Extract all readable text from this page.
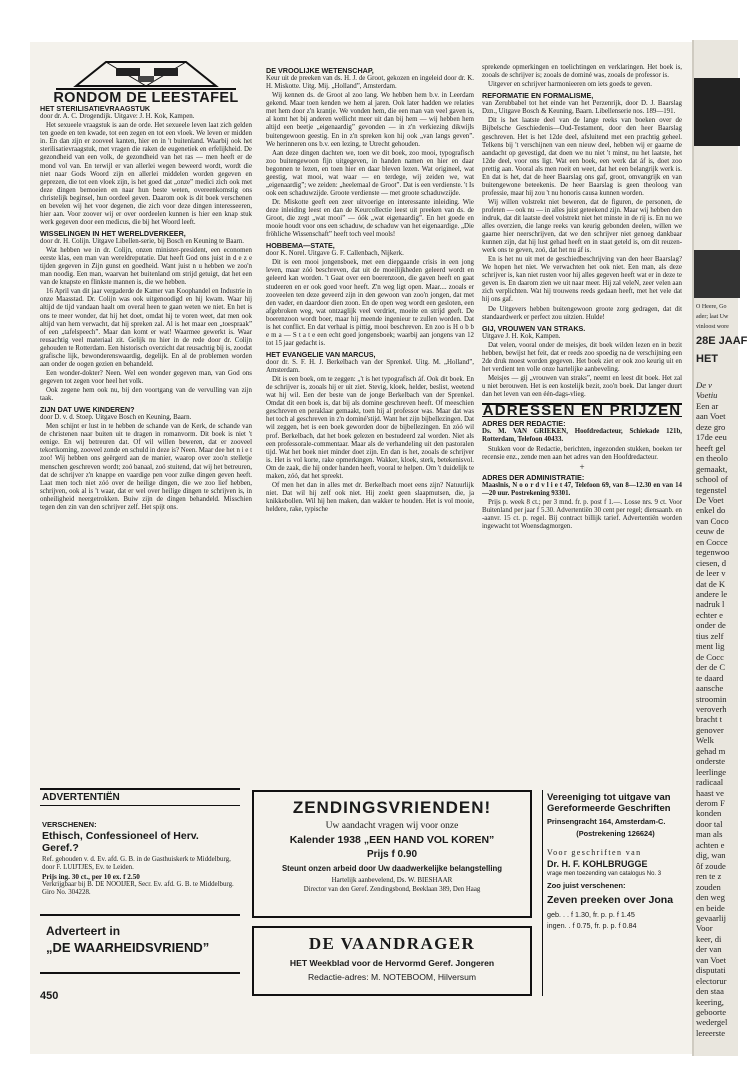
RONDOM DE LEESTAFEL
HET STERILISATIEVRAAGSTUK

door dr. A. C. Drogendijk. Uitgave: J. H. Kok, Kampen.

Het sexueele vraagstuk is aan de orde. Het sexueele leven laat zich gelden ten goede en ten kwade, tot een zegen en tot een vloek. We leven er midden in. En dan zijn er zooveel kanten, hier en in 't buitenland. Waarbij ook het sterilisatievraagstuk, met vragen die raken de eugenetiek en erfelijkheid. De gezondheid van een volk, de gezondheid van het ras — men heeft er de mond vol van. En terwijl er van allerlei wegen beweerd wordt, wordt die niet naar Gods Woord zijn en allerlei middelen worden gegeven en geprezen, die tot een vloek zijn, is het goed dat „onze” medici zich ook met deze dingen bemoeien en naar hun beste weten, overeenkomstig ons christelijk beginsel, hun oordeel geven. Daarom ook is dit boek verschenen en bevelen wij het voor degenen, die zich voor deze dingen interesseeren, hier aan. Voor zoover wij er over oordeelen kunnen is hier een knap stuk werk gegeven door een medicus, die bij het Woord leeft.

WISSELINGEN IN HET WERELDVERKEER,

door dr. H. Colijn. Uitgave Libellen-serie, bij Bosch en Keuning te Baarn.

Wat hebben we in dr. Colijn, onzen minister-president, een economen eerste klas, een man van wereldreputatie. Dat heeft God ons juist in d e z e tijden gegeven in Zijn gunst en goedheid. Want juist n u hebben we zoo'n man noodig. Een man, waarvan het buitenland om strijd getuigt, dat het een van de knapste en flinkste mannen is, die we hebben.

16 April van dit jaar vergaderde de Kamer van Koophandel en Industrie in onze Maasstad. Dr. Colijn was ook uitgenoodigd en hij kwam. Waar hij altijd de tijd vandaan haalt om overal heen te gaan weten we niet. En het is ons te meer wonder, dat hij het doet, omdat hij te voren weet, dat men ook altijd van hem verwacht, dat hij spreken zal. Al is het maar een „toespraak” of een „tafelspeech”. Maar dan komt er wat! Waarmee gewerkt is. Waar reusachtig veel materiaal zit. Gelijk nu hier in de rede door dr. Colijn gehouden te Rotterdam. Een historisch overzicht dat reusachtig bij is, zoodat grafische lijk, bewonderenswaardig, degelijk. En al de problemen worden aan onder de oogen gezien en behandeld.

Een wonder-dokter? Neen. Wel een wonder gegeven man, van God ons gegeven tot zegen voor heel het volk.

Ook zegene hem ook nu, bij den voortgang van de vervulling van zijn taak.

ZIJN DAT UWE KINDEREN?

door D. v. d. Stoep. Uitgave Bosch en Keuning, Baarn.

Men schijnt er lust in te hebben de schande van de Kerk, de schande van de christenen naar buiten uit te dragen in romanvorm. Dit boek is niet 't eenige. En wij betreuren dat. Of wil willen beweren, dat er zooveel tekortkoming, zooveel zonde en schuld in deze is? Neen. Maar dee het n i e t zoo! Wij hebben ons geërgerd aan de manier, waarop over zoo'n stelletje menschen geschreven wordt; zoó banaal, zoó stuitend, dat wij het betreuren, dat de schrijver z'n knappe en vaardige pen voor zulke dingen geven heeft. Laat men toch niet zóó over de heilige dingen, die we zoo lief hebben, schrijven, ook al is 't waar, dat er wel over heilige dingen te schrijven is, in onheiligheid neergetrokken. Buiw zijn de dingen behandeld. Misschien tegen den zin van den schrijver zelf. Het spijt ons.

DE VROOLIJKE WETENSCHAP,

Keur uit de preeken van ds. H. J. de Groot, gekozen en ingeleid door dr. K. H. Miskotte. Uitg. Mij. „Holland”, Amsterdam.

Wij kennen ds. de Groot al zoo lang. We hebben hem b.v. in Leerdam gekend. Maar toen kenden we hem al jaren. Ook later hadden we relaties met hem door z'n krantje. We vonden hem, die een man van veel gaven is, al komt het bij anderen wellicht meer uit dan bij hem — wij hebben hem altijd een beetje „eigenaardig” gevonden — in z'n verkiezing dikwijls buitengewoon geestig. En in z'n spreken kon hij ook „van langs geven”. We herinneren ons b.v. een lezing, te Utrecht gehouden.

Aan deze dingen dachten we, toen we dit boek, zoo mooi, typografisch zoo buitengewoon fijn uitgegeven, in handen namen en hier en daar begonnen te lezen, en toen hier en daar bleven lezen. Wat origineel, wat geestig, wat mooi, wat waar — en terdege, wij zeiden we, wat „eigenaardig”; we zeiden: „heelemaal de Groot”. Dat is een verdienste. 't Is ook een schaduwzijde. Groote verdienste — met groote schaduwzijde.

Dr. Miskotte geeft een zeer uitvoerige en interessante inleiding. Wie deze inleiding leest en dan de Keurcollectie leest uit preeken van ds. de Groot, die zegt „wat mooi” — óók „wat eigenaardig”. En het goede en mooie houdt voor ons een schaduw, de schaduw van het eigenaardige. „Die fröhliche Wissenschaft” heeft toch veel mools!

HOBBEMA—STATE,

door K. Norel. Uitgave G. F. Callenbach, Nijkerk.

Dit is een mooi jongensboek, met een diepgaande crisis in een jong leven, maar zóó beschreven, dat uit de moeilijkheden geleerd wordt en geleerd kan worden. 't Gaat over een boerenzoon, die gaven heeft en gaat studeeren en er ook goed voor heeft. Z'n weg ligt open. Maar.... zooals er zooveelen ten deze geveerd zijn in den gewoon van zoo'n jongen, dat met den vader, en daardoor dien zoon. En de open weg wordt een gesloten, een afgebroken weg, wat ontzaglijk veel verdriet, moeite en strijd geeft. De boerenzoon wordt boer, maar hij meende ingenieur te zullen worden. Dat is het conflict. En dat verhaal is pittig, mooi beschreven. En zoo is H o b b e m a — S t a t e een echt goed jongensboek; waarbij aan jongens van 12 tot 15 jaar gedacht is.

HET EVANGELIE VAN MARCUS,

door dr. S. F. H. J. Berkelbach van der Sprenkel. Uitg. M. „Holland”, Amsterdam.

Dit is een boek, om te zeggen: „'t is het typografisch áf. Ook dit boek. En de schrijver is, zooals hij er uit ziet. Stevig, kloek, helder, beslist, weetend wat hij wil. Een der beste van de jonge Berkelbach van der Sprenkel. Omdat dit een boek is, dat bij als domine geschreven heeft. Of meeschien geschreven en peraklaar gemaakt, toen hij al professor was. Maar dat was het toch al geschreven in z'n dominé'stijd. Want het zijn bijbellezingen. Dat wil zeggen, het is een boek geworden door de bijbellezingen. En zóó wil prof. Berkelbach, dat het boek gelezen en bestudeerd zal worden. Niet als een professorale-commentaar. Maar als de verhandeling uit den pastoralen tijd. Wat het boek niet minder doet zijn. En dan is het, zooals de schrijver is. Het is vol korte, rake opmerkingen. Wakker, kloek, sterk, betekenisvol. Om de zaak, die hij onder handen heeft, vooral te helpen. Om 't duidelijk te maken, zóó, dat het spreekt.

Of men het dan in alles met dr. Berkelbach moet eens zijn? Natuurlijk niet. Dat wil hij zelf ook niet. Hij zoekt geen slaapmutsen, die, ja knikkebollen. Wil hij hen maken, dan wakker te houden. Het is vol mooie, heldere, rake, typische

sprekende opmerkingen en toelichtingen en verklaringen. Het boek is, zooals de schrijver is; zooals de dominé was, zooals de professor is.

Uitgever en schrijver harmonieeren om iets goeds te geven.

REFORMATIE EN FORMALISME,

van Zerubbabel tot het einde van het Perzenrijk, door D. J. Baarslag Dzn., Uitgave Bosch & Keuning, Baarn. Libellenserie nos. 189—191.

Dit is het laatste deel van de lange reeks van boeken over de Bijbelsche Geschiedenis—Oud-Testament, door den heer Baarslag geschreven. Het is het 12de deel, afsluitend met een prachtig geheel. Telkens bij 't verschijnen van een nieuw deel, hebben wij er gaarne de aandacht op gevestigd, dat doen we nu niet 't minst, nu het laatste, het 12de deel, voor ons ligt. Wat een boek, een werk dat áf is, doet zoo prettig aan. Vooral als men roeit en weet, dat het een belangrijk werk is. En dat is het, dat de heer Baarslag ons gaf, groot, omvangrijk en van buitengewone beteekenis. De heer Baarslag is geen theoloog van professie, maar hij zou 't nu honoris causa kunnen worden.

Wij willen volstrekt niet beweren, dat de figuren, de personen, de profeten — ook nu — in alles juist geteekend zijn. Maar wij hebben den indruk, dat dit laatste deel volstrekt niet het minste in de rij is. En nu we alles overzien, die lange reeks van keurig gebonden deelen, willen we gaarne hier neerschrijven, dat we den schrijver niet genoeg dankbaar kunnen zijn, dat hij lust gehad heeft en in staat geteld is, om dit reuzen-werk ons te geven, zoó, dat het nu áf is.

En is het nu uit met de geschiedbeschrijving van den heer Baarslag? We hopen het niet. We verwachten het ook niet. Een man, als deze schrijver is, kan niet rusten voor hij alles gegeven heeft wat er in deze te geven is. En daarom zien we uit naar meer. Hij zal veleN, zeer velen aan zich verplichten. Wat hij trouwens reeds gedaan heeft, met het vele dat hij ons gaf.

De Uitgevers hebben buitengewoon groote zorg gedragen, dat dit standaardwerk er perfect zou uitzien. Hulde!

GIJ, VROUWEN VAN STRAKS.

Uitgave J. H. Kok, Kampen.

Dat velen, vooral onder de meisjes, dit boek wilden lezen en in bezit hebben, bewijst het feit, dat er reeds zoo spoedig na de verschijning een 2de druk moest worden gegeven. Het boek ziet er ook zoo keurig uit en het verdient ten volle onze hartelijke aanbeveling.

Meisjes — gij „vrouwen van straks”, neemt en leest dit boek. Het zal u niet berouwen. Het is een kostelijk bezit, zoo'n boek. Dat langer duurt dan het leven van een één-dags-vlieg.

ADRESSEN EN PRIJZEN
ADRES DER REDACTIE:

Ds. M. VAN GRIEKEN, Hoofdredacteur, Schiekade 121b, Rotterdam, Telefoon 40433.

Stukken voor de Redactie, berichten, ingezonden stukken, boeken ter recensie enz., zende men aan het adres van den Hoofdredacteur.

+
ADRES DER ADMINISTRATIE:

Maaslnis, N o o r d v l i e t 47, Telefoon 69, van 8—12.30 en van 14—20 uur. Postrekening 93301.

Prijs p. week 8 ct.; per 3 mnd. fr. p. post f 1.—. Losse nrs. 9 ct. Voor Buitenland per jaar f 5.30. Advertentiën 30 cent per regel; diensaanb. en -aanvr. 15 ct. p. regel. Bij contract billijk tarief. Advertentiën worden ingewacht tot Woensdagmorgen.

ADVERTENTIËN
VERSCHENEN:
Ethisch, Confessioneel of Herv. Geref.?
Ref. gehouden v. d. Ev. afd. G. B. in de Gasthuiskerk te Middelburg, door F. LUIJTJES, Ev. te Leiden.
Prijs ing. 30 ct., per 10 ex. f 2.50
Verkrijgbaar bij B. DE NOOIJER, Secr. Ev. afd. G. B. te Middelburg. Giro No. 304228.
Adverteert in
„DE WAARHEIDSVRIEND”
ZENDINGSVRIENDEN!
Uw aandacht vragen wij voor onze
Kalender 1938 „EEN HAND VOL KOREN”
Prijs f 0.90
Steunt onzen arbeid door Uw daadwerkelijke belangstelling
Hartelijk aanbevelend, Ds. W. BIESHAAR
Director van den Geref. Zendingsbond, Beeklaan 389, Den Haag
DE VAANDRAGER
HET Weekblad voor de Hervormd Geref. Jongeren
Redactie-adres: M. NOTEBOOM, Hilversum
Vereeniging tot uitgave van Gereformeerde Geschriften
Prinsengracht 164, Amsterdam-C.
(Postrekening 126624)
Voor geschriften van
Dr. H. F. KOHLBRUGGE
vrage men toezending van catalogus No. 3
Zoo juist verschenen:
Zeven preeken over Jona
geb. . . f 1.30, fr. p. p. f 1.45
ingen. . f 0.75, fr. p. p. f 0.84
450
O Heere, Go
ader; laat Uw
vinloost wore
28E JAAF
HET
De v
Voetiu
Een ar
aan Voet
deze gro
17de eeu
heeft gel
en theolo
gemaakt,
school of
tegenstel
De Voet
enkel do
van Coco
ceuw de
en Cocce
tegenwoo
ciesen, d
de leer v
dat de K
andere le
nadruk l
echter e
onder de
tius zelf
ment lig
de Cocc
der de C
te daard
aansche
stroomin
veroverh
bracht t
genover
Welk
gehad m
onderste
leerlinge
radicaal
haast ve
derom F
konden
door tal
man als
achten e
dig, wan
ôf zoude
ren te z
zouden
den weg
en beide
gevaarlij
Voor
keer, di
der van
van Voet
disputati
electorur
den staa
keering,
geboorte
wedergel
lereerste
